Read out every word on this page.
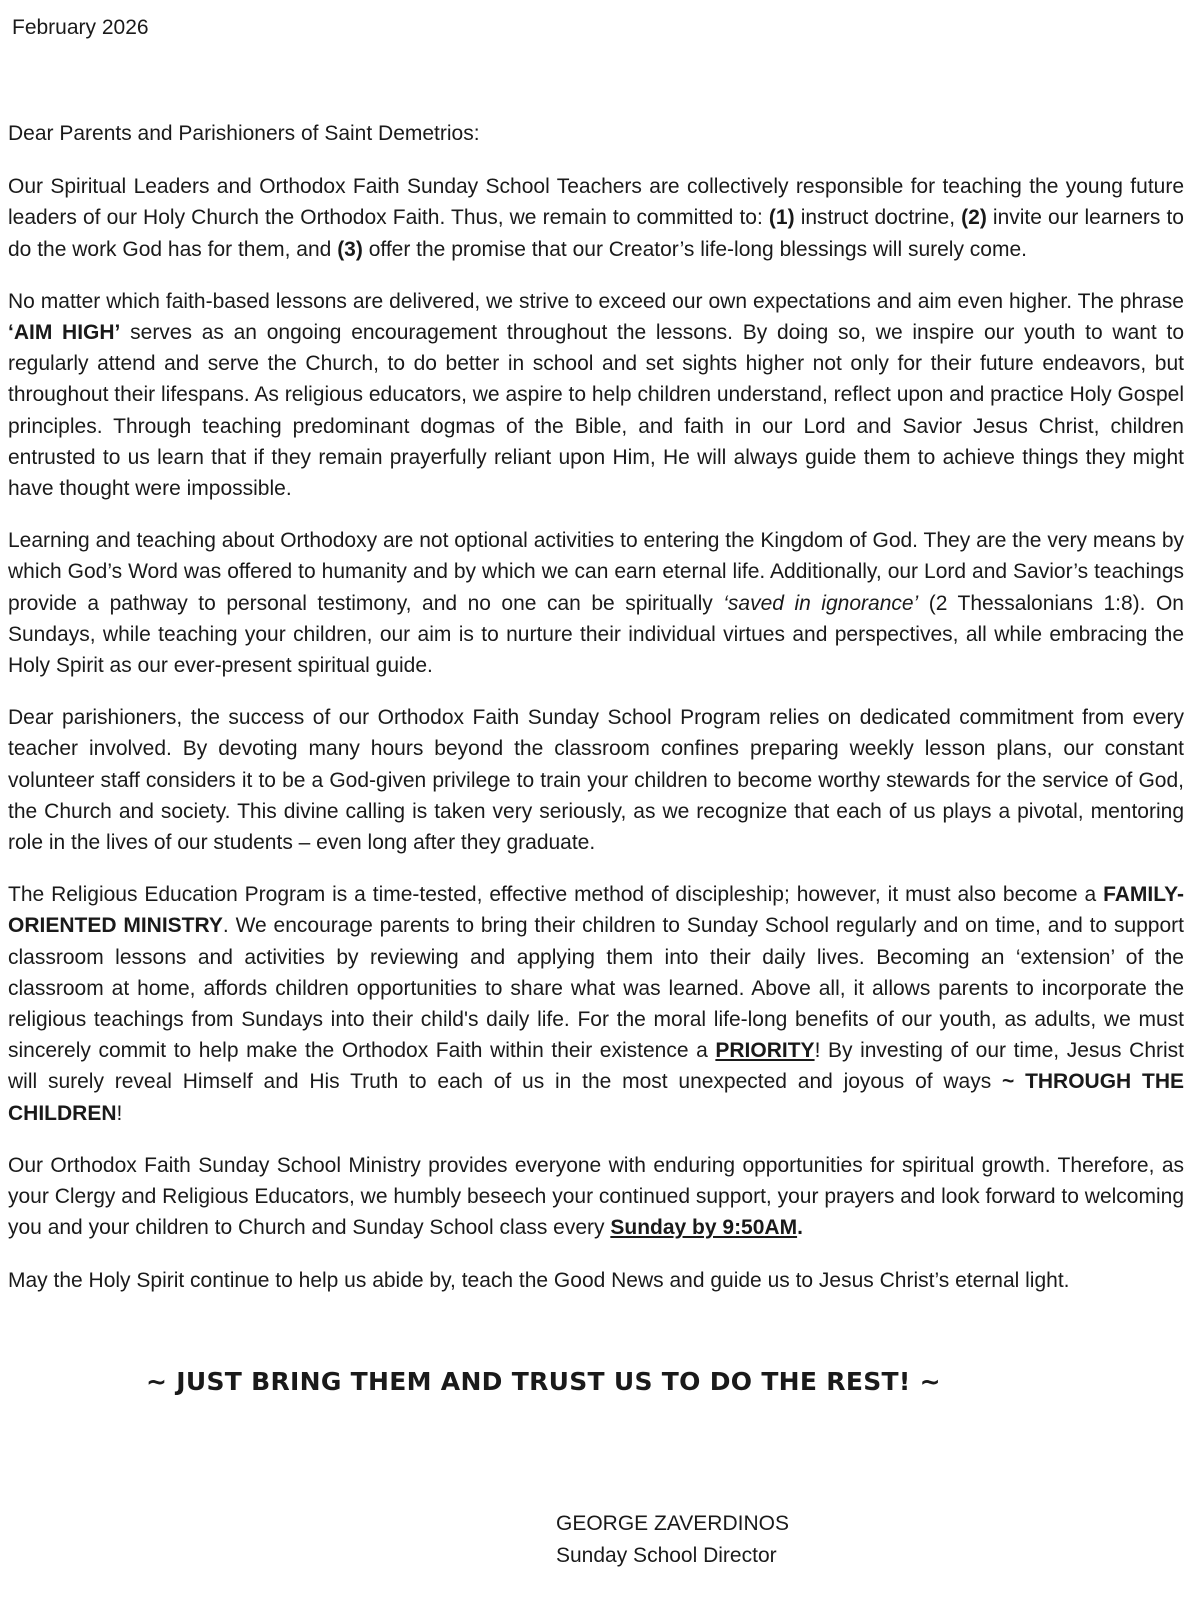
February 2026

Dear Parents and Parishioners of Saint Demetrios:

Our Spiritual Leaders and Orthodox Faith Sunday School Teachers are collectively responsible for teaching the young future leaders of our Holy Church the Orthodox Faith. Thus, we remain to committed to: (1) instruct doctrine, (2) invite our learners to do the work God has for them, and (3) offer the promise that our Creator’s life-long blessings will surely come.

No matter which faith-based lessons are delivered, we strive to exceed our own expectations and aim even higher. The phrase ‘AIM HIGH’ serves as an ongoing encouragement throughout the lessons. By doing so, we inspire our youth to want to regularly attend and serve the Church, to do better in school and set sights higher not only for their future endeavors, but throughout their lifespans. As religious educators, we aspire to help children understand, reflect upon and practice Holy Gospel principles. Through teaching predominant dogmas of the Bible, and faith in our Lord and Savior Jesus Christ, children entrusted to us learn that if they remain prayerfully reliant upon Him, He will always guide them to achieve things they might have thought were impossible.

Learning and teaching about Orthodoxy are not optional activities to entering the Kingdom of God. They are the very means by which God’s Word was offered to humanity and by which we can earn eternal life. Additionally, our Lord and Savior’s teachings provide a pathway to personal testimony, and no one can be spiritually ‘saved in ignorance’ (2 Thessalonians 1:8). On Sundays, while teaching your children, our aim is to nurture their individual virtues and perspectives, all while embracing the Holy Spirit as our ever-present spiritual guide.

Dear parishioners, the success of our Orthodox Faith Sunday School Program relies on dedicated commitment from every teacher involved. By devoting many hours beyond the classroom confines preparing weekly lesson plans, our constant volunteer staff considers it to be a God-given privilege to train your children to become worthy stewards for the service of God, the Church and society. This divine calling is taken very seriously, as we recognize that each of us plays a pivotal, mentoring role in the lives of our students – even long after they graduate.

The Religious Education Program is a time-tested, effective method of discipleship; however, it must also become a FAMILY-ORIENTED MINISTRY. We encourage parents to bring their children to Sunday School regularly and on time, and to support classroom lessons and activities by reviewing and applying them into their daily lives. Becoming an ‘extension’ of the classroom at home, affords children opportunities to share what was learned. Above all, it allows parents to incorporate the religious teachings from Sundays into their child's daily life. For the moral life-long benefits of our youth, as adults, we must sincerely commit to help make the Orthodox Faith within their existence a PRIORITY! By investing of our time, Jesus Christ will surely reveal Himself and His Truth to each of us in the most unexpected and joyous of ways ~ THROUGH THE CHILDREN!

Our Orthodox Faith Sunday School Ministry provides everyone with enduring opportunities for spiritual growth. Therefore, as your Clergy and Religious Educators, we humbly beseech your continued support, your prayers and look forward to welcoming you and your children to Church and Sunday School class every Sunday by 9:50AM.

May the Holy Spirit continue to help us abide by, teach the Good News and guide us to Jesus Christ’s eternal light.

~ JUST BRING THEM AND TRUST US TO DO THE REST! ~
GEORGE ZAVERDINOS
Sunday School Director
